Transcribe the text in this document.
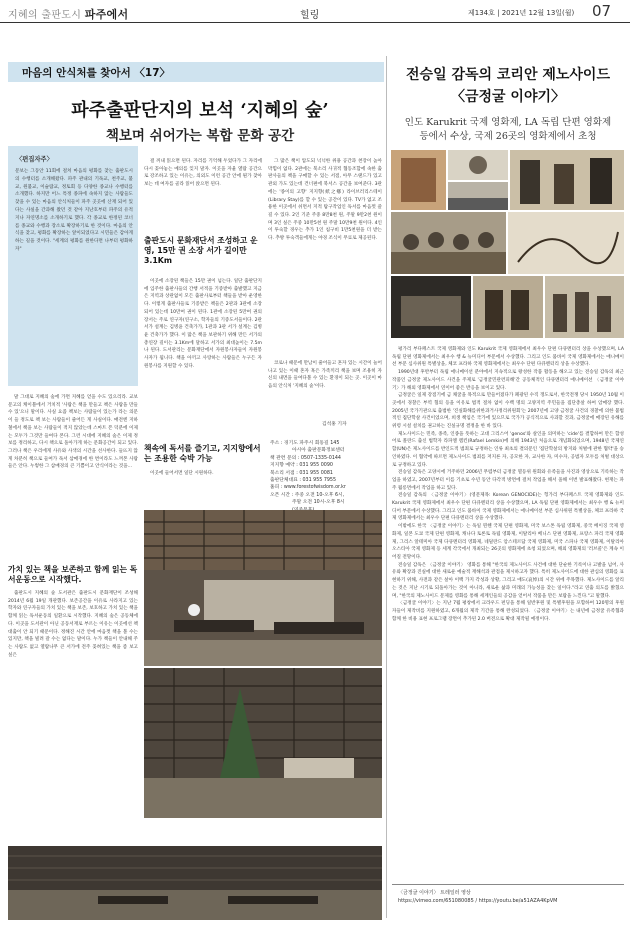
지혜의 출판도시 파주에서	힐링	제134호 | 2021년 12월 13일(월) 07
마음의 안식처를 찾아서 〈17〉
파주출판단지의 보석 ‘지혜의 숲’
책보며 쉬어가는 복합 문화 공간
〈편집자주〉
문보는 그동안 11회에 걸쳐 마음의 평화를 찾는 출판도시의 수행터를 소개해왔다. 파주 관내의 기독교, 천주교, 불교, 원불교, 이슬람교, 정토회 등 다양한 종교나 수행터를 소개했다. 하지만 어느 특정 종파에 속하지 않는 사람들도 찾을 수 있는 마음의 안식처들이 파주 곳곳에 산재 되어 있다는 사실을 간과해 왔던 것 같아 지난호부터 파주의 유적지나 자연명소를 소개하기로 했다. 각 종교로 한정된 코너를 종교와 수행과 장소로 확장하기로 한 것이다. 마음의 안식을 찾고, 평화를 확장하는 앞이되었다고 시민들은 감아게 하는 길을 것이다. "세계의 평화를 원한다면 나부터 평화하자"

말 그대로 지혜의 숲에 가면 지혜를 얻을 수도 있으리라. 교보문고의 케이블에서 거치적 '사람은 책을 만들고 책은 사람을 만들 수 있'으니 말이다. 사실 요즘 책보는 사람들이 있는가 라는 의문이 들 정도로 책 보는 사람들이 줄어든 게 사실이다. 매전엔 지하철에서 책을 보는 사람들이 적지 않았는데 스마트 폰 덕분에 이제는 모두가 그것만 들여다 본다. 그런 시대에 지혜의 숲은 이제 정보를 정리하고, 다시 책으로 돌아가게 하는 문화공간이 되고 있다. 그러나 책은 우리에게 사유와 사색의 시간을 선사한다. 들뜨지 않게 차분히 책으로 들여가 독서 삼매경에 한 번이라도 느껴본 사람들은 안다. 누렇한 그 삼매경의 큰 기쁨이고 안식이라는 것을...

가치 있는 책을 보존하고 함께 읽는 독서운동으로 시작했다.

출판도시 지혜의 숲 도서관은 출판도시 문화재단이 조성해 2014년 6월 19일 개관했다. 보존공간을 이유로 사라지고 있는 학자와 연구자들의 가치 있는 책을 보존, 보호하고 가치 있는 책을 함께 읽는 독서운동의 일환으로 시작했다. 지혜의 숲은 공동체에다. 이곳을 도서관이 아닌 공동서재로 부르는 이유는 이곳에선 책 대출이 안 되기 때문이다. 정해진 시간 안에 마음껏 책을 볼 수는 있지만, 책을 빌려 갈 수는 없다는 말이다. 누가 책들이 안내해 주는 사람도 없고 열람나무 큰 서가에 전주 꽂혀있는 책을 좀 보고 싶은

걸 꺼내 읽으면 된다. 자리를 기억해 두었다가 그 자리에 다시 꽂아놓는 예의를 잊지 말자. 이곳을 자율 열람 공간으로 강조하고 있는 이유는, 의외도 이런 공간 안에 뭔가 찾아보는 데 여자를 골라 읽어 앉으면 된다.

출판도시 문화재단서 조성하고 운영, 15만 권 소장 서가 길이만 3.1Km

이곳에 소장된 책들은 15만 권이 넘는다. 일단 출판단지에 입주한 출판사들의 간행 서적을 기증받아 출발했고 지금은 지역과 상관없이 모든 출판사로부터 책들을 받아 운영한다. 이렇게 출판사들로 기증받은 책들은 2관과 3관에 소장되어 있는데 10만여 권이 된다. 1관에 소장된 5만여 권의 장서는 주로 연구자(연구소, 학자들의 기증도서들이다. 2관 서가 설계는 김병윤 건축가가, 1관과 3관 서가 설계는 김병윤 건축가가 했다. 이 많은 책을 보관하기 위해 만든 서가의 총연장 길이는 3.1Km에 달하고 서가의 최대높이는 7.5m나 된다. 도서관리는 문화재단에서 자원봉사자들이 자원봉사자가 됩니다. 책을 아끼고 사랑하는 사람들은 누구든 자원봉사를 지원할 수 있다.

책속에 독서를 즐기고, 지지향에서는 조용한 숙박 가능

이곳에 들어서면 일단 시원하다.

그 많은 책이 압도되 넉넉한 위용 공간과 천장이 높아 막힘이 없다. 2관에는 북소리 사귀적 협동조합에 속한 출판사들의 책을 구매할 수 있는 서점, 아무 스탠드가 있고 관외 가도 있는데 건너편에 북서스 공간을 보여준다. 3관에는 '종이의 고향' 지지향(紙之鄕) 라이브러리스테이(Library Stay)를 할 수 있는 공간이 있다. TV가 없고 조용한 이곳에서 쉬면서 지적 탐구작업인 독서를 마음껏 즐길 수 있다. 2인 기준 주중 8만8천 원, 주말 9만2천 원이며 3인 실은 주중 10만5천 원 주말 10만9천 원이다. 4인이 투숙할 경우는 추가 1인 침구비 1만5천원을 더 받는다. 추방 투숙객들에게는 야경 조식이 무료로 제공된다.

코로나 때문에 만남이 줄어들고 혼자 있는 시간이 늘어나고 있는 이때 혼자 혹은 가족끼리 책을 보며 조용히 자신의 내면을 들여다볼 수 있는 환경이 되는 곳. 이곳이 마음의 안식처 '지혜의 숲'이다.

김석홍 기자
주소 : 경기도 파주시 회동길 145
아시아 출판문화정보센터
책 관련 문의 : 0507-1335-0144
지지향 예약 : 031 955 0090
북소리 서점 : 031 955 0081
출판단체대표 : 031 955 7955
홈피 : www.forestofwisdom.or.kr
오픈 시간 : 주중 오전 10-오후 6시,
주말 오전 10시-오후 8시
전승일 감독의 코리안 제노사이드
〈금정굴 이야기〉
인도 Karukrit 국제 영화제, LA 독립 단편 영화제
등에서 수상, 국제 26곳의 영화제에서 초청

평가리 부다페스트 국제 영화제와 인도 Karukrit 국제 영화제에서 최우수 단편 다큐멘터리 상을 수상했으며, LA 독립 단편 영화제에서는 최우수 행 & 뉴미디어 부문에서 수상했다. 그리고 인도 뭄바이 국제 영화제에서는 애니메이션 부문 심사위원 특별상을, 체코 프라하 국제 영화제에서는 최우수 단편 다큐멘터리 상을 수상했다.

1990년대 후반부터 독립 애니메이션 분야에서 지속적으로 왕성한 작품 활동을 해오고 있는 전승일 감독의 최근 작품인 금정굴 제노사이드 사건을 주제로 '금정굴민관련피해'간 공동체적인 다큐멘터리 애니메이션 〈금정굴 이야기〉가 해외 영화제에서 연이어 좋은 반응을 보이고 있다.

금정굴은 일제 강점기에 금 채굴을 목적으로 만들어졌다가 폐광된 수직 갱도로서, 한국전쟁 당시 1950년 10월 이 곳에서 경찰은 부역 혐의 등을 이유로 법적 절차 없이 수백 명의 고양지역 주민들을 집단총살 하여 암매장 했다. 2005년 국가기관으로 출범한 '진실화해를위한과거사정리위원회'는 2007년에 고양 금정굴 사건의 경찰에 의한 불법적인 집단학살 사건이었으며, 희생 책임은 국가에 있으므로 국가가 공식적으로 사과할 것과, 금정굴에 매장된 유해를 위령 시설 설치를 권고하는 진실규명 결정을 한 바 있다.

제노사이드는 민족, 종족, 인종을 뜻하는 고대 그리스어 'genos'와 살인을 의미하는 'cide'를 결합하여 만든 합성어로 폴란드 출신 법학자 라파엘 렘킨(Rafael Lemkin)에 의해 1943년 처음으로 개념화되었으며, 1948년 국제연합(UN)은 제노사이드를 반인도적 범죄로 규정하는 인류 최초의 결의문인 '집단학살의 방지와 처벌에 관한 협약'을 승인하였다. 이 협약에 따르면 제노사이드 범죄를 저지른 자, 공모한 자, 교사한 자, 미수자, 공범자 모두를 처벌 대상으로 규정하고 있다.

전승일 감독은 고양시에 거주하던 2006년 무렵부터 금정굴 멸등위 원회와 유족들을 사진과 영상으로 기록하는 작업을 하였고, 2007년부터 이를 기초로 수년 동안 다각적 방면에 걸쳐 작업을 해서 올해 이번 발표해왔다. 현재는 파주 월롱면에서 작업을 하고 있다.

전승일 감독의 〈금정굴 이야기〉(영문제목: Korean GENOCIDE)는 헝가리 부다페스트 국제 영화제와 인도 Karukrit 국제 영화제에서 최우수 단편 다큐멘터리 상을 수상했으며, LA 독립 단편 영화제에서는 최우수 행 & 뉴미디어 부문에서 수상했다. 그리고 인도 뭄바이 국제 영화제에서는 애니메이션 부문 심사위원 특별상을, 체코 프라하 국제 영화제에서는 최우수 단편 다큐멘터리 상을 수상했다.

이밖에도 한국 〈금정굴 이야기〉는 독일 뮌헨 국제 단편 영화제, 미국 보스톤 독립 영화제, 중국 베이징 국제 영화제, 일본 도쿄 국제 단편 영화제, 캐나다 토론토 독립 영화제, 이탈리아 베니스 단편 영화제, 프랑스 파리 국제 영화제, 그리스 알테미아 국제 다큐멘터리 영화제, 네덜란드 암스테르담 국제 영화제, 미국 스파나 국제 영화제, 이탈리아 오스티아 국제 영화제 등 세계 각국에서 개최되는 26곳의 영화제에 초청 되었으며, 해외 영화제의 '러브콜'은 계속 이어질 전망이다.

전승일 감독은 〈금정굴 이야기〉 영화를 통해 "한국의 제노사이드 사건에 대한 단순한 기록이나 고발을 넘어, 사유와 확장과 진실에 대한 새로운 예술적 재해석과 관점을 제시하고자 했다. 특히 제노사이드에 대한 관심의 영화를 표현하기 위해, 사전과 같은 살아 이백 가지 각성과 상황, 그리고 애도(哀悼)의 시간 위에 주목했다. 제노사이드를 알리는 것은 지난 시기로 되돌아가는 것이 아니라, 새로운 삶과 미래의 가능성을 찾는 일이다."라고 연출 의도를 밝혔으며, "한국의 제노사이드 문제를 영화를 통해 세계인들의 공감을 얻어서 작품을 만든 보람을 느낀다."고 말했다.

〈금정굴 이야기〉는 지난 7월 평창에서 크라우드 펀딩을 통해 일반후원 및 특별후원을 포함하여 120명의 후원자들이 제작비를 지원하였고, 6개월의 제작 기간을 통해 완성되었다. 〈금정굴 이야기〉는 내년에 금정굴 유족협과 함께 한 비용 표현 프로그램 장면이 추가된 2.0 버전으로 확대 제작될 예정이다.

〈금정굴 이야기〉 트레일러 영상
https://vimeo.com/651080085 / https://youtu.be/a51AZA4KpVM
